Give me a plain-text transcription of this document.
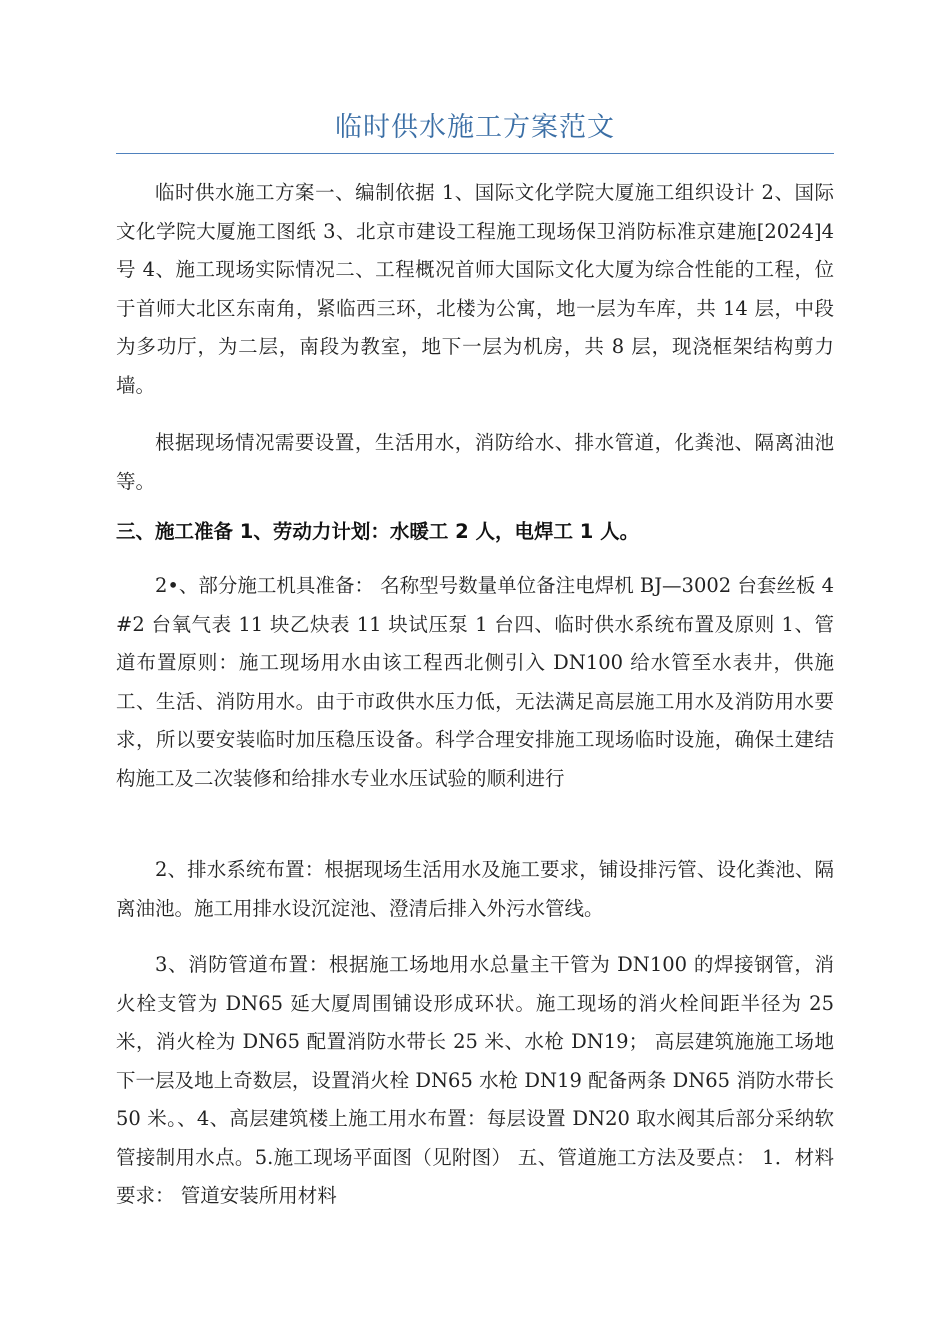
临时供水施工方案范文

临时供水施工方案一、编制依据 1、国际文化学院大厦施工组织设计 2、国际文化学院大厦施工图纸 3、北京市建设工程施工现场保卫消防标准京建施[2024]4 号 4、施工现场实际情况二、工程概况首师大国际文化大厦为综合性能的工程，位于首师大北区东南角，紧临西三环，北楼为公寓，地一层为车库，共 14 层，中段为多功厅，为二层，南段为教室，地下一层为机房，共 8 层，现浇框架结构剪力墙。

根据现场情况需要设置，生活用水，消防给水、排水管道，化粪池、隔离油池等。

三、施工准备 1、劳动力计划：水暖工 2 人，电焊工 1 人。

2•、部分施工机具准备： 名称型号数量单位备注电焊机 BJ—3002 台套丝板 4#2 台氧气表 11 块乙炔表 11 块试压泵 1 台四、临时供水系统布置及原则 1、管道布置原则：施工现场用水由该工程西北侧引入 DN100 给水管至水表井，供施工、生活、消防用水。由于市政供水压力低，无法满足高层施工用水及消防用水要求，所以要安装临时加压稳压设备。科学合理安排施工现场临时设施，确保土建结构施工及二次装修和给排水专业水压试验的顺利进行

2、排水系统布置：根据现场生活用水及施工要求，铺设排污管、设化粪池、隔离油池。施工用排水设沉淀池、澄清后排入外污水管线。

3、消防管道布置：根据施工场地用水总量主干管为 DN100 的焊接钢管，消火栓支管为 DN65 延大厦周围铺设形成环状。施工现场的消火栓间距半径为 25 米，消火栓为 DN65 配置消防水带长 25 米、水枪 DN19； 高层建筑施施工场地下一层及地上奇数层，设置消火栓 DN65 水枪 DN19 配备两条 DN65 消防水带长 50 米。、4、高层建筑楼上施工用水布置：每层设置 DN20 取水阀其后部分采纳软管接制用水点。5.施工现场平面图（见附图） 五、管道施工方法及要点： 1．材料要求： 管道安装所用材料
